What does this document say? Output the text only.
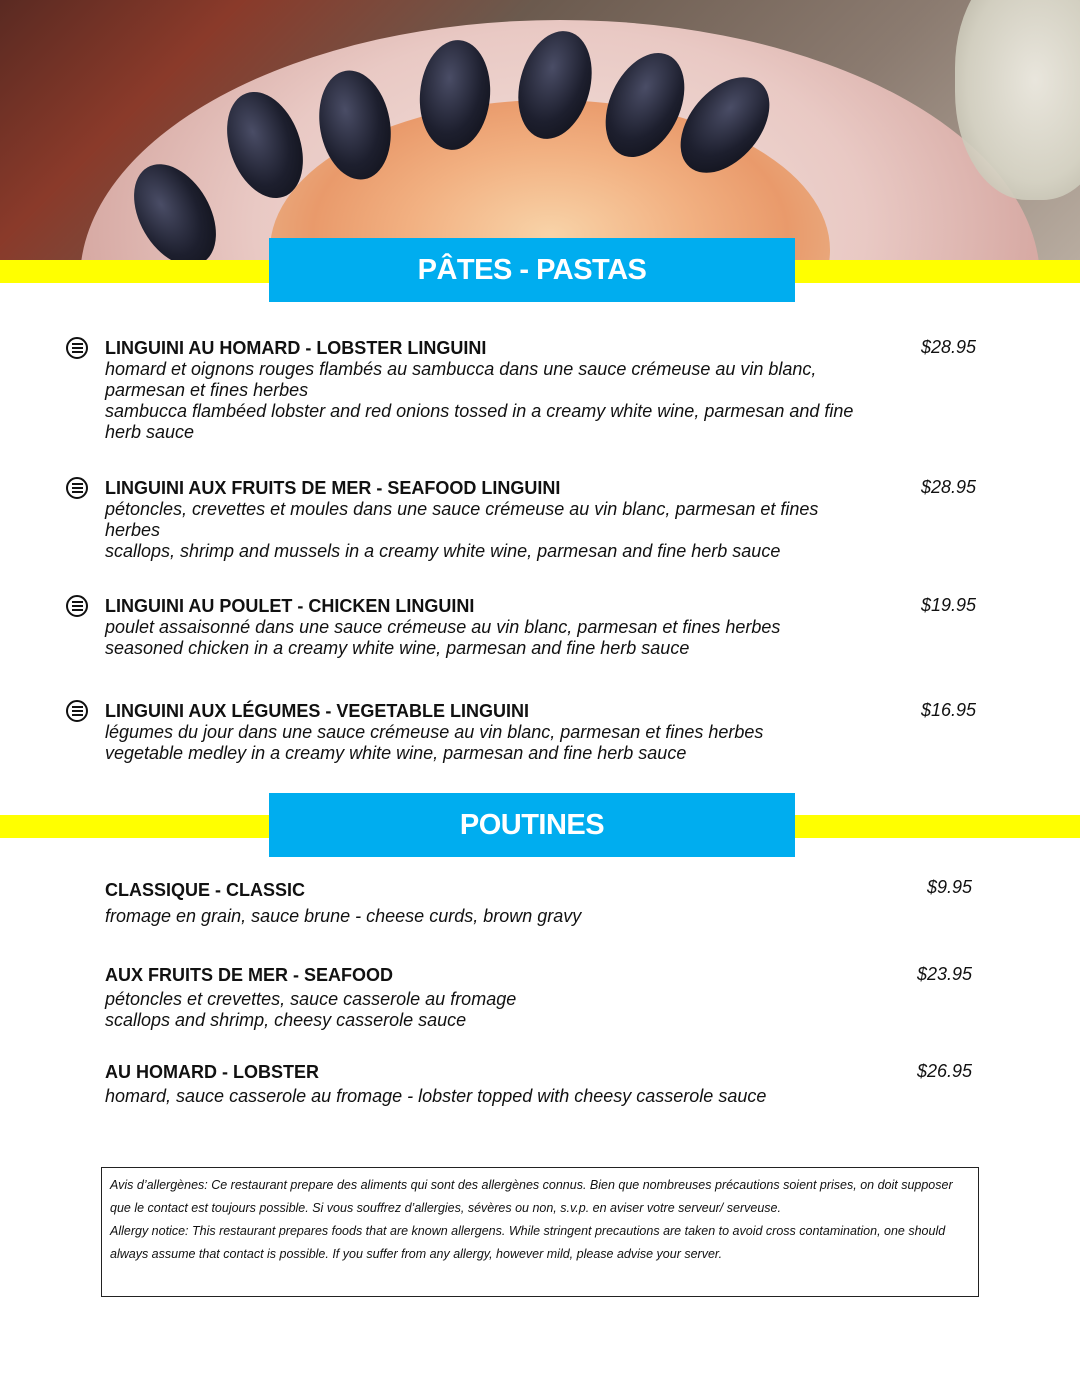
PÂTES - PASTAS
LINGUINI AU HOMARD - LOBSTER LINGUINI

homard et oignons rouges flambés au sambucca dans une sauce crémeuse au vin blanc, parmesan et fines herbes

sambucca flambéed lobster and red onions tossed in a creamy white wine, parmesan and fine herb sauce

$28.95
LINGUINI AUX FRUITS DE MER - SEAFOOD LINGUINI

pétoncles, crevettes et moules dans une sauce crémeuse au vin blanc, parmesan et fines herbes

scallops, shrimp and mussels in a creamy white wine, parmesan and fine herb sauce

$28.95
LINGUINI AU POULET - CHICKEN LINGUINI

poulet assaisonné dans une sauce crémeuse au vin blanc, parmesan et fines herbes

seasoned chicken in a creamy white wine, parmesan and fine herb sauce

$19.95
LINGUINI AUX LÉGUMES - VEGETABLE LINGUINI

légumes du jour dans une sauce crémeuse au vin blanc, parmesan et fines herbes

vegetable medley in a creamy white wine, parmesan and fine herb sauce

$16.95
POUTINES
CLASSIQUE - CLASSIC

fromage en grain, sauce brune - cheese curds, brown gravy

$9.95
AUX FRUITS DE MER - SEAFOOD

pétoncles et crevettes, sauce casserole au fromage

scallops and shrimp, cheesy casserole sauce

$23.95
AU HOMARD - LOBSTER

homard, sauce casserole au fromage - lobster topped with cheesy casserole sauce

$26.95

Avis d’allergènes: Ce restaurant prepare des aliments qui sont des allergènes connus. Bien que nombreuses précautions soient prises, on doit supposer que le contact est toujours possible. Si vous souffrez d’allergies, sévères ou non, s.v.p. en aviser votre serveur/ serveuse.

Allergy notice: This restaurant prepares foods that are known allergens. While stringent precautions are taken to avoid cross contamination, one should always assume that contact is possible. If you suffer from any allergy, however mild, please advise your server.
